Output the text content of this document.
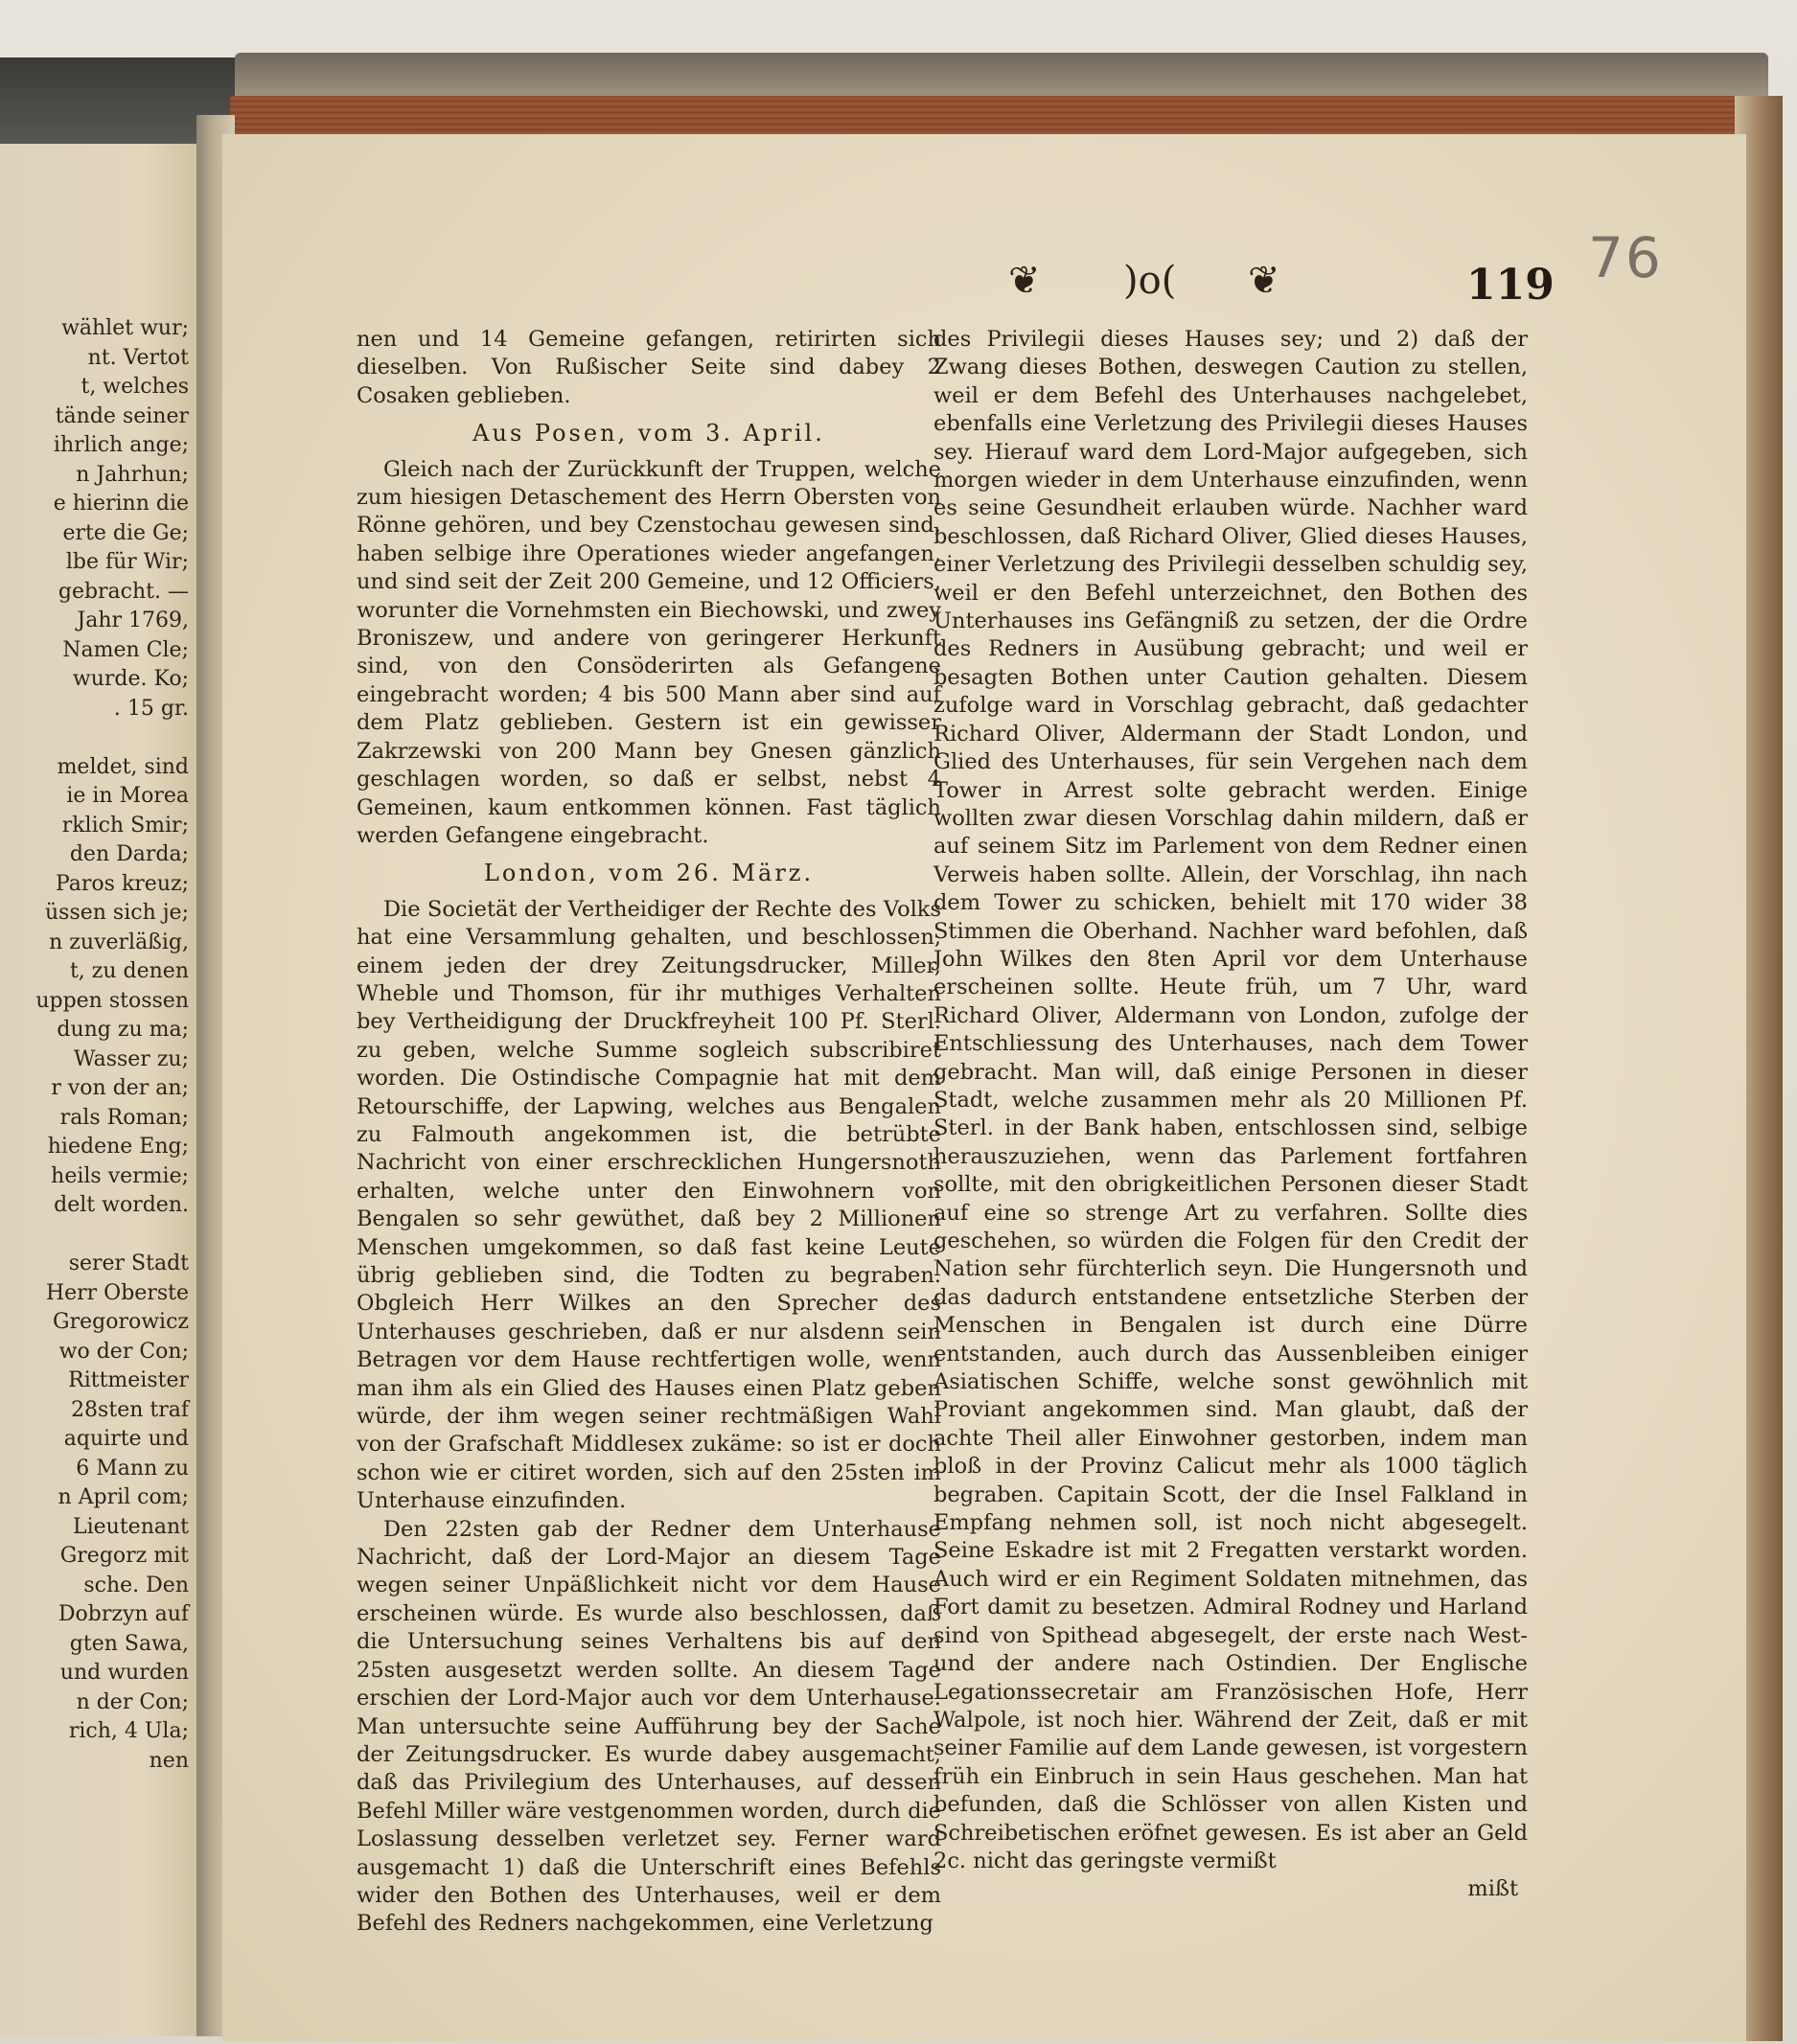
wählet wur;
nt. Vertot
t, welches
tände seiner
ihrlich ange;
n Jahrhun;
e hierinn die
erte die Ge;
lbe für Wir;
gebracht. —
Jahr 1769,
Namen Cle;
wurde. Ko;
. 15 gr.
meldet, sind
ie in Morea
rklich Smir;
den Darda;
Paros kreuz;
üssen sich je;
n zuverläßig,
t, zu denen
uppen stossen
dung zu ma;
Wasser zu;
r von der an;
rals Roman;
hiedene Eng;
heils vermie;
delt worden.
serer Stadt
Herr Oberste
Gregorowicz
wo der Con;
Rittmeister
28sten traf
aquirte und
6 Mann zu
n April com;
Lieutenant
Gregorz mit
sche. Den
Dobrzyn auf
gten Sawa,
und wurden
n der Con;
rich, 4 Ula;
nen
❦ )o( ❦	119 76

nen und 14 Gemeine gefangen, retirirten sich dieselben. Von Rußischer Seite sind dabey 2 Cosaken geblieben.

Aus Posen, vom 3. April.

Gleich nach der Zurückkunft der Truppen, welche zum hiesigen Detaschement des Herrn Obersten von Rönne gehören, und bey Czenstochau gewesen sind, haben selbige ihre Operationes wieder angefangen, und sind seit der Zeit 200 Gemeine, und 12 Officiers, worunter die Vornehmsten ein Biechowski, und zwey Broniszew, und andere von geringerer Herkunft sind, von den Consöderirten als Gefangene eingebracht worden; 4 bis 500 Mann aber sind auf dem Platz geblieben. Gestern ist ein gewisser Zakrzewski von 200 Mann bey Gnesen gänzlich geschlagen worden, so daß er selbst, nebst 4 Gemeinen, kaum entkommen können. Fast täglich werden Gefangene eingebracht.

London, vom 26. März.

Die Societät der Vertheidiger der Rechte des Volks hat eine Versammlung gehalten, und beschlossen, einem jeden der drey Zeitungsdrucker, Miller, Wheble und Thomson, für ihr muthiges Verhalten bey Vertheidigung der Druckfreyheit 100 Pf. Sterl. zu geben, welche Summe sogleich subscribiret worden. Die Ostindische Compagnie hat mit dem Retourschiffe, der Lapwing, welches aus Bengalen zu Falmouth angekommen ist, die betrübte Nachricht von einer erschrecklichen Hungersnoth erhalten, welche unter den Einwohnern von Bengalen so sehr gewüthet, daß bey 2 Millionen Menschen umgekommen, so daß fast keine Leute übrig geblieben sind, die Todten zu begraben. Obgleich Herr Wilkes an den Sprecher des Unterhauses geschrieben, daß er nur alsdenn sein Betragen vor dem Hause rechtfertigen wolle, wenn man ihm als ein Glied des Hauses einen Platz geben würde, der ihm wegen seiner rechtmäßigen Wahl von der Grafschaft Middlesex zukäme: so ist er doch schon wie er citiret worden, sich auf den 25sten im Unterhause einzufinden.

Den 22sten gab der Redner dem Unterhause Nachricht, daß der Lord-Major an diesem Tage wegen seiner Unpäßlichkeit nicht vor dem Hause erscheinen würde. Es wurde also beschlossen, daß die Untersuchung seines Verhaltens bis auf den 25sten ausgesetzt werden sollte. An diesem Tage erschien der Lord-Major auch vor dem Unterhause. Man untersuchte seine Aufführung bey der Sache der Zeitungsdrucker. Es wurde dabey ausgemacht, daß das Privilegium des Unterhauses, auf dessen Befehl Miller wäre vestgenommen worden, durch die Loslassung desselben verletzet sey. Ferner ward ausgemacht 1) daß die Unterschrift eines Befehls wider den Bothen des Unterhauses, weil er dem Befehl des Redners nachgekommen, eine Verletzung

des Privilegii dieses Hauses sey; und 2) daß der Zwang dieses Bothen, deswegen Caution zu stellen, weil er dem Befehl des Unterhauses nachgelebet, ebenfalls eine Verletzung des Privilegii dieses Hauses sey. Hierauf ward dem Lord-Major aufgegeben, sich morgen wieder in dem Unterhause einzufinden, wenn es seine Gesundheit erlauben würde. Nachher ward beschlossen, daß Richard Oliver, Glied dieses Hauses, einer Verletzung des Privilegii desselben schuldig sey, weil er den Befehl unterzeichnet, den Bothen des Unterhauses ins Gefängniß zu setzen, der die Ordre des Redners in Ausübung gebracht; und weil er besagten Bothen unter Caution gehalten. Diesem zufolge ward in Vorschlag gebracht, daß gedachter Richard Oliver, Aldermann der Stadt London, und Glied des Unterhauses, für sein Vergehen nach dem Tower in Arrest solte gebracht werden. Einige wollten zwar diesen Vorschlag dahin mildern, daß er auf seinem Sitz im Parlement von dem Redner einen Verweis haben sollte. Allein, der Vorschlag, ihn nach dem Tower zu schicken, behielt mit 170 wider 38 Stimmen die Oberhand. Nachher ward befohlen, daß John Wilkes den 8ten April vor dem Unterhause erscheinen sollte. Heute früh, um 7 Uhr, ward Richard Oliver, Aldermann von London, zufolge der Entschliessung des Unterhauses, nach dem Tower gebracht. Man will, daß einige Personen in dieser Stadt, welche zusammen mehr als 20 Millionen Pf. Sterl. in der Bank haben, entschlossen sind, selbige herauszuziehen, wenn das Parlement fortfahren sollte, mit den obrigkeitlichen Personen dieser Stadt auf eine so strenge Art zu verfahren. Sollte dies geschehen, so würden die Folgen für den Credit der Nation sehr fürchterlich seyn. Die Hungersnoth und das dadurch entstandene entsetzliche Sterben der Menschen in Bengalen ist durch eine Dürre entstanden, auch durch das Aussenbleiben einiger Asiatischen Schiffe, welche sonst gewöhnlich mit Proviant angekommen sind. Man glaubt, daß der achte Theil aller Einwohner gestorben, indem man bloß in der Provinz Calicut mehr als 1000 täglich begraben. Capitain Scott, der die Insel Falkland in Empfang nehmen soll, ist noch nicht abgesegelt. Seine Eskadre ist mit 2 Fregatten verstarkt worden. Auch wird er ein Regiment Soldaten mitnehmen, das Fort damit zu besetzen. Admiral Rodney und Harland sind von Spithead abgesegelt, der erste nach West- und der andere nach Ostindien. Der Englische Legationssecretair am Französischen Hofe, Herr Walpole, ist noch hier. Während der Zeit, daß er mit seiner Familie auf dem Lande gewesen, ist vorgestern früh ein Einbruch in sein Haus geschehen. Man hat befunden, daß die Schlösser von allen Kisten und Schreibetischen eröfnet gewesen. Es ist aber an Geld 2c. nicht das geringste vermißt

mißt
